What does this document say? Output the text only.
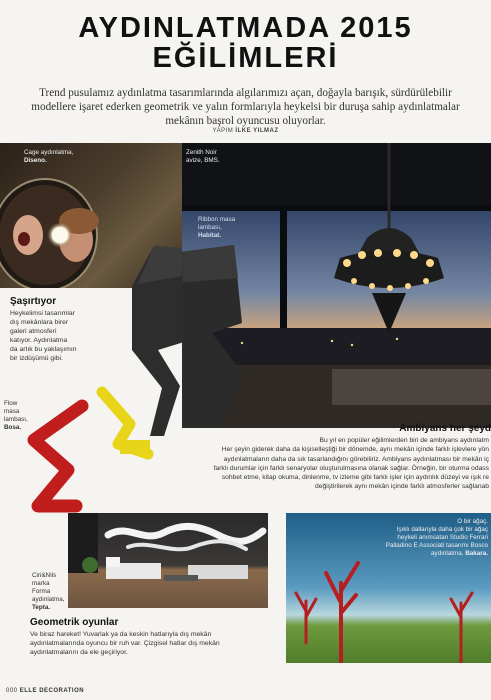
AYDINLATMADA 2015
EĞİLİMLERİ
Trend pusulamız aydınlatma tasarımlarında algılarımızı açan, doğayla barışık, sürdürülebilir
modellere işaret ederken geometrik ve yalın formlarıyla heykelsi bir duruşa sahip aydınlatmalar
mekânın başrol oyuncusu oluyorlar.
YAPIM İLKE YILMAZ
Cage aydınlatma,
Diseno.
Zenith Noir
avize, BMS.
Ribbon masa
lambası,
Habitat.
Şaşırtıyor
Heykelimsi tasarımlar
dış mekânlara birer
galeri atmosferi
katıyor. Aydınlatma
da artık bu yaklaşımın
bir izdüşümü gibi.
Flow
masa
lambası,
Bosa.	Ambiyans her şeyd
Bu yıl en popüler eğilimlerden biri de ambiyans aydınlatm
Her şeyin giderek daha da kişiselleştiği bir dönemde, aynı mekân içinde farklı işlevlere yön
aydınlatmaların daha da sık tasarlandığını görebiliriz. Ambiyans aydınlatması bir mekân iç
farklı durumlar için farklı senaryolar oluşturulmasına olanak sağlar. Örneğin, bir oturma odass
sohbet etme, kitap okuma, dinlenme, tv izleme gibi farklı işler için aydınlık düzeyi ve ışık re
değiştirilerek aynı mekân içinde farklı atmosferler sağlanab
Ciri&Nils
marka
Forma
aydınlatma,
Tepta.
O bir ağaç.
Işıklı dallarıyla daha çok bir ağaç
heykeli anımsatan Studio Ferrari
Palladino E Associati tasarımı Bosco
aydınlatma, Bakara.
Geometrik oyunlar
Ve biraz hareket! Yuvarlak ya da keskin hatlarıyla dış mekân
aydınlatmalarında oyuncu bir ruh var. Çizgisel hatlar dış mekân
aydınlatmalarını da ele geçiriyor.
000 ELLE DECORATION
